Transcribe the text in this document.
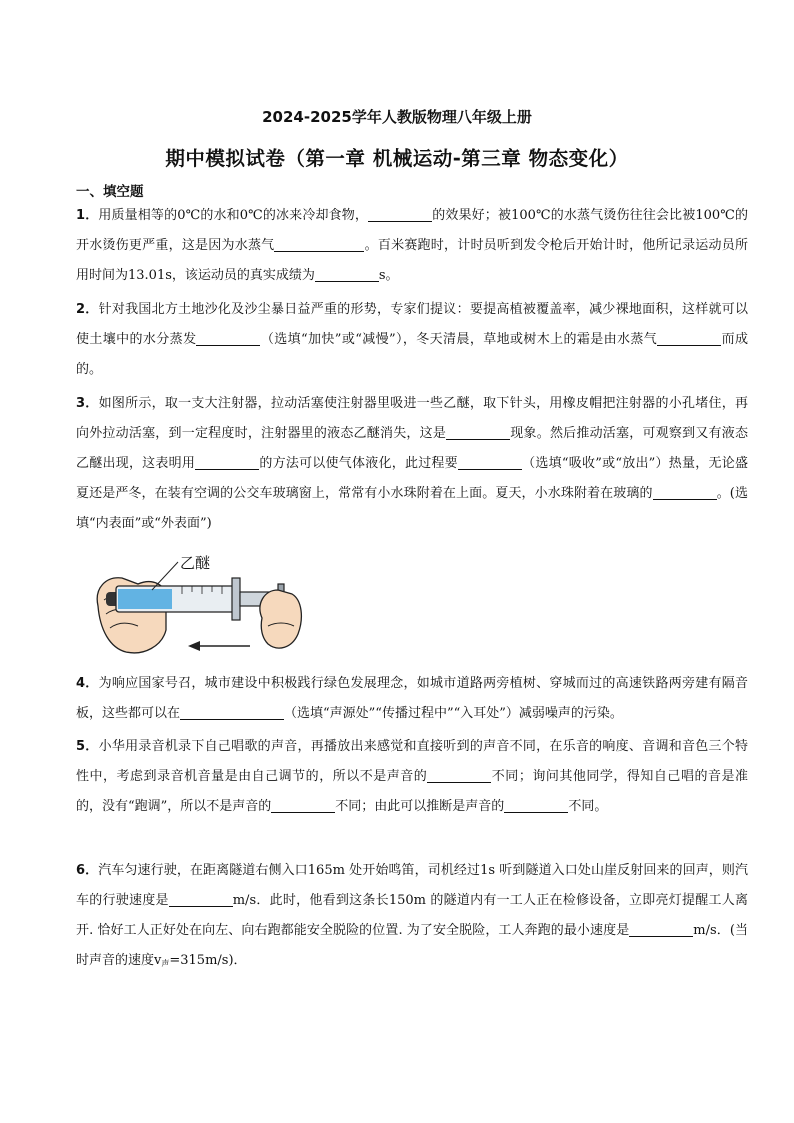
2024-2025学年人教版物理八年级上册
期中模拟试卷（第一章 机械运动-第三章 物态变化）
一、填空题
1．用质量相等的0℃的水和0℃的冰来冷却食物，	的效果好；被100℃的水蒸气烫伤往往会比被100℃的开水烫伤更严重，这是因为水蒸气	。百米赛跑时，计时员听到发令枪后开始计时，他所记录运动员所用时间为13.01s，该运动员的真实成绩为	s。
2．针对我国北方土地沙化及沙尘暴日益严重的形势，专家们提议：要提高植被覆盖率，减少裸地面积，这样就可以使土壤中的水分蒸发	（选填“加快”或“减慢”），冬天清晨，草地或树木上的霜是由水蒸气	而成的。
3．如图所示，取一支大注射器，拉动活塞使注射器里吸进一些乙醚，取下针头，用橡皮帽把注射器的小孔堵住，再向外拉动活塞，到一定程度时，注射器里的液态乙醚消失，这是	现象。然后推动活塞，可观察到又有液态乙醚出现，这表明用	的方法可以使气体液化，此过程要	（选填“吸收”或“放出”）热量，无论盛夏还是严冬，在装有空调的公交车玻璃窗上，常常有小水珠附着在上面。夏天，小水珠附着在玻璃的	。(选填“内表面”或“外表面”)
乙醚
4．为响应国家号召，城市建设中积极践行绿色发展理念，如城市道路两旁植树、穿城而过的高速铁路两旁建有隔音板，这些都可以在	（选填“声源处”“传播过程中”“入耳处”）减弱噪声的污染。
5．小华用录音机录下自己唱歌的声音，再播放出来感觉和直接听到的声音不同，在乐音的响度、音调和音色三个特性中，考虑到录音机音量是由自己调节的，所以不是声音的	不同；询问其他同学，得知自己唱的音是准的，没有“跑调”，所以不是声音的	不同；由此可以推断是声音的	不同。
6．汽车匀速行驶，在距离隧道右侧入口165m 处开始鸣笛，司机经过1s 听到隧道入口处山崖反射回来的回声，则汽车的行驶速度是	m/s．此时，他看到这条长150m 的隧道内有一工人正在检修设备，立即亮灯提醒工人离开. 恰好工人正好处在向左、向右跑都能安全脱险的位置. 为了安全脱险，工人奔跑的最小速度是	m/s．(当时声音的速度$v_声=315m/s$)．
